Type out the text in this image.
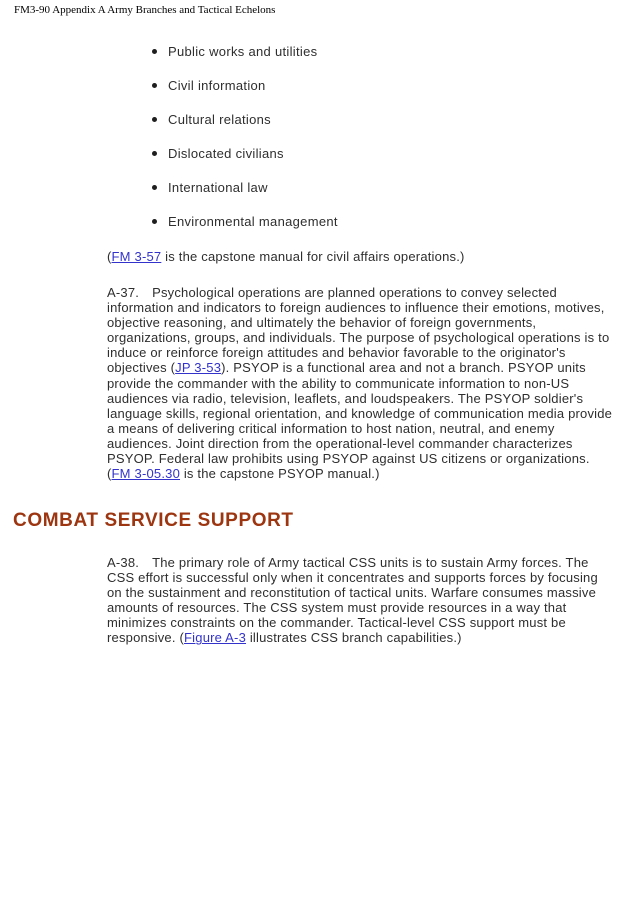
FM3-90 Appendix A Army Branches and Tactical Echelons
Public works and utilities
Civil information
Cultural relations
Dislocated civilians
International law
Environmental management
(FM 3-57 is the capstone manual for civil affairs operations.)
A-37. Psychological operations are planned operations to convey selected information and indicators to foreign audiences to influence their emotions, motives, objective reasoning, and ultimately the behavior of foreign governments, organizations, groups, and individuals. The purpose of psychological operations is to induce or reinforce foreign attitudes and behavior favorable to the originator's objectives (JP 3-53). PSYOP is a functional area and not a branch. PSYOP units provide the commander with the ability to communicate information to non-US audiences via radio, television, leaflets, and loudspeakers. The PSYOP soldier's language skills, regional orientation, and knowledge of communication media provide a means of delivering critical information to host nation, neutral, and enemy audiences. Joint direction from the operational-level commander characterizes PSYOP. Federal law prohibits using PSYOP against US citizens or organizations. (FM 3-05.30 is the capstone PSYOP manual.)
COMBAT SERVICE SUPPORT
A-38. The primary role of Army tactical CSS units is to sustain Army forces. The CSS effort is successful only when it concentrates and supports forces by focusing on the sustainment and reconstitution of tactical units. Warfare consumes massive amounts of resources. The CSS system must provide resources in a way that minimizes constraints on the commander. Tactical-level CSS support must be responsive. (Figure A-3 illustrates CSS branch capabilities.)
